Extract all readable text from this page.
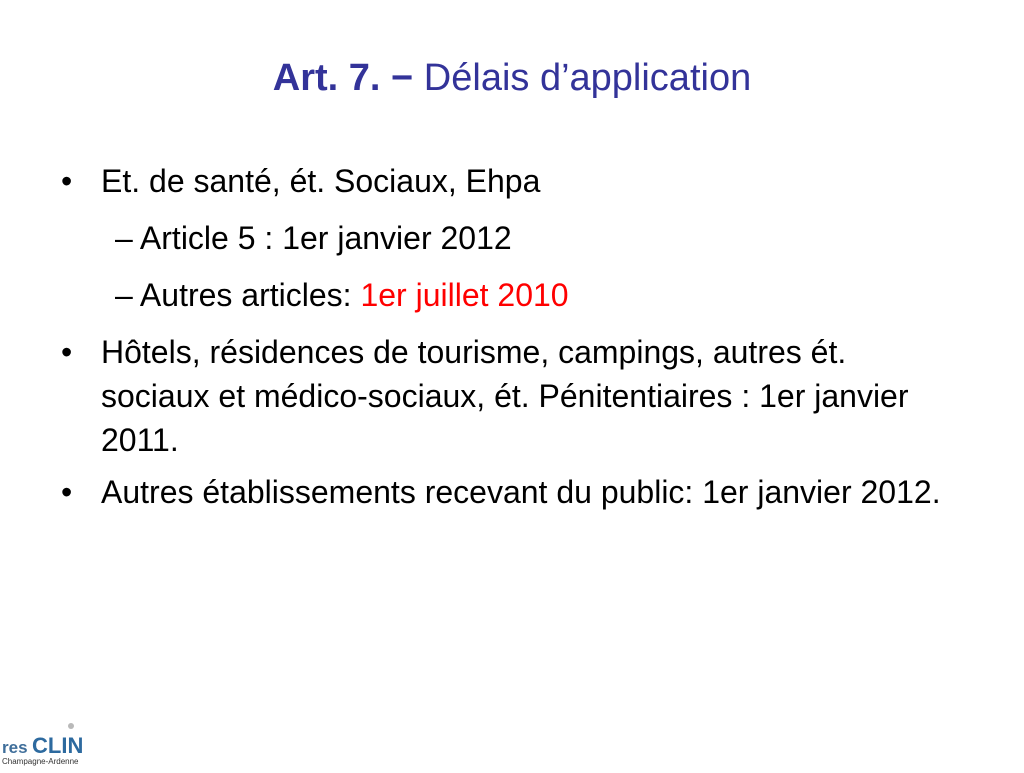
Art. 7. − Délais d’application
• Et. de santé, ét. Sociaux, Ehpa
– Article 5 : 1er janvier 2012
– Autres articles: 1er juillet 2010
• Hôtels, résidences de tourisme, campings, autres ét. sociaux et médico-sociaux, ét. Pénitentiaires : 1er janvier 2011.
• Autres établissements recevant du public: 1er janvier 2012.
res CLIN
Champagne-Ardenne
